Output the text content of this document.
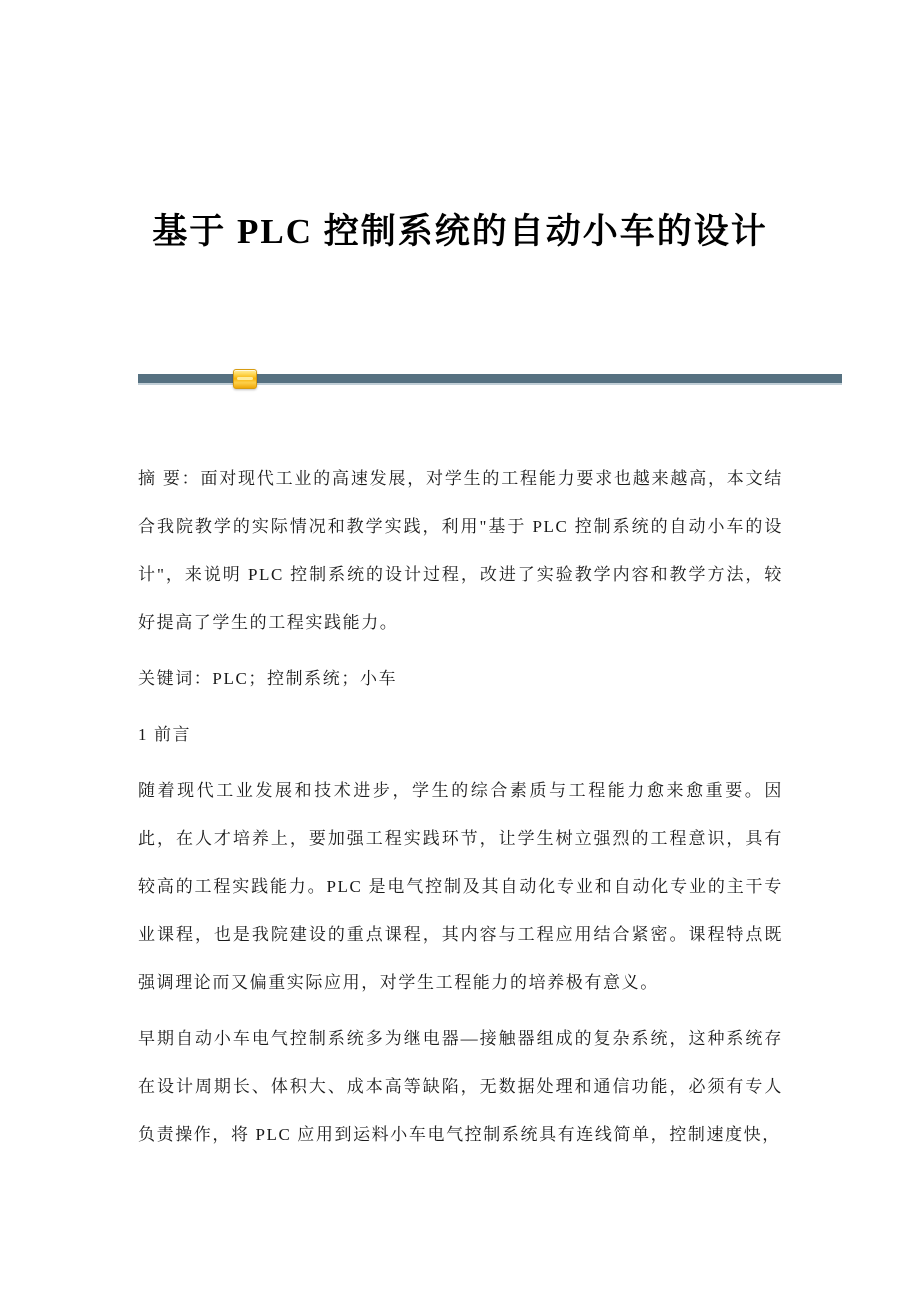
基于 PLC 控制系统的自动小车的设计

摘 要：面对现代工业的高速发展，对学生的工程能力要求也越来越高，本文结合我院教学的实际情况和教学实践，利用"基于 PLC 控制系统的自动小车的设计"，来说明 PLC 控制系统的设计过程，改进了实验教学内容和教学方法，较好提高了学生的工程实践能力。

关键词：PLC；控制系统；小车

1 前言

随着现代工业发展和技术进步，学生的综合素质与工程能力愈来愈重要。因此，在人才培养上，要加强工程实践环节，让学生树立强烈的工程意识，具有较高的工程实践能力。PLC 是电气控制及其自动化专业和自动化专业的主干专业课程，也是我院建设的重点课程，其内容与工程应用结合紧密。课程特点既强调理论而又偏重实际应用，对学生工程能力的培养极有意义。

早期自动小车电气控制系统多为继电器—接触器组成的复杂系统，这种系统存在设计周期长、体积大、成本高等缺陷，无数据处理和通信功能，必须有专人负责操作，将 PLC 应用到运料小车电气控制系统具有连线简单，控制速度快，
